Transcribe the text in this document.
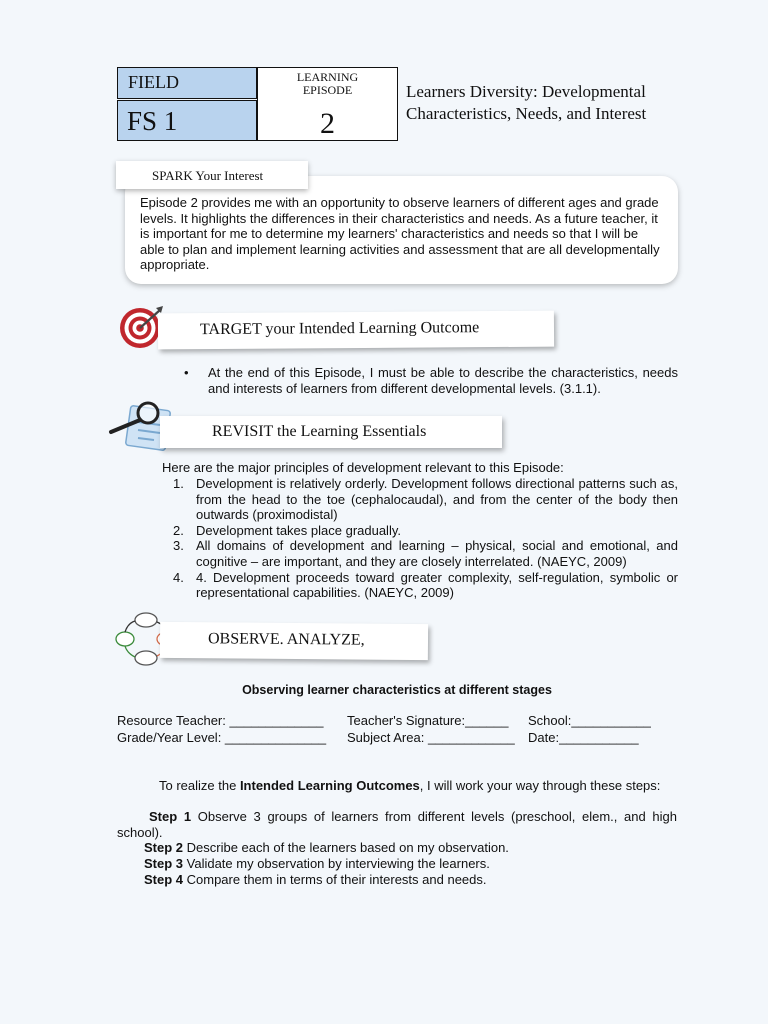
FIELD
FS 1
LEARNING
EPISODE
2
Learners Diversity: Developmental
Characteristics, Needs, and Interest
SPARK Your Interest
Episode 2 provides me with an opportunity to observe learners of different ages and grade levels. It highlights the differences in their characteristics and needs. As a future teacher, it is important for me to determine my learners' characteristics and needs so that I will be able to plan and implement learning activities and assessment that are all developmentally appropriate.
TARGET your Intended Learning Outcome
• At the end of this Episode, I must be able to describe the characteristics, needs and interests of learners from different developmental levels. (3.1.1).
REVISIT the Learning Essentials
Here are the major principles of development relevant to this Episode:
1. Development is relatively orderly. Development follows directional patterns such as, from the head to the toe (cephalocaudal), and from the center of the body then outwards (proximodistal)
2. Development takes place gradually.
3. All domains of development and learning – physical, social and emotional, and cognitive – are important, and they are closely interrelated. (NAEYC, 2009)
4. 4. Development proceeds toward greater complexity, self-regulation, symbolic or representational capabilities. (NAEYC, 2009)
OBSERVE. ANALYZE,
Observing learner characteristics at different stages
Resource Teacher: _____________ Teacher's Signature:______ School:___________
Grade/Year Level: ______________ Subject Area: ____________ Date:___________
To realize the Intended Learning Outcomes, I will work your way through these steps:
Step 1 Observe 3 groups of learners from different levels (preschool, elem., and high school).
Step 2 Describe each of the learners based on my observation.
Step 3 Validate my observation by interviewing the learners.
Step 4 Compare them in terms of their interests and needs.
